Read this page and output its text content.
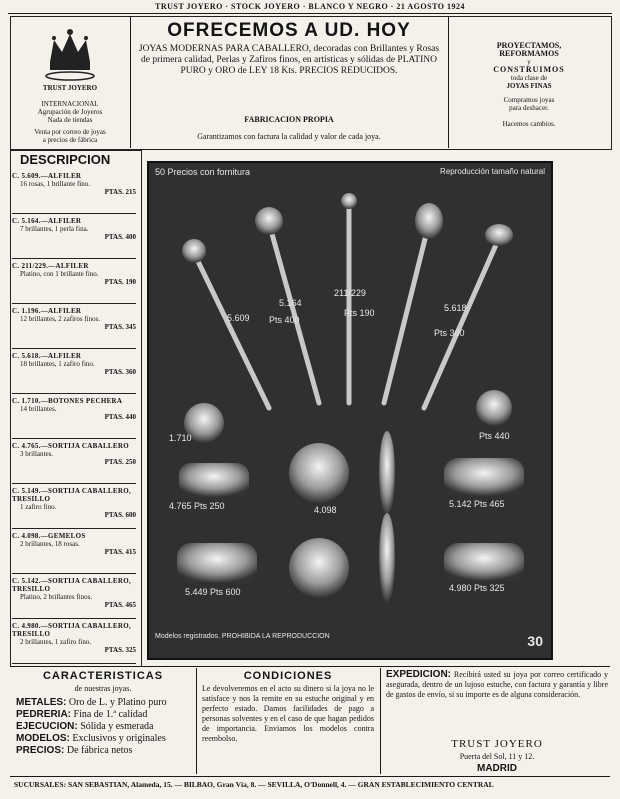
TRUST JOYERO · STOCK JOYERO · BLANCO Y NEGRO · 21 AGOSTO 1924
TRUST JOYERO
INTERNACIONAL
Agrupación de Joyeros
Nada de tiendas
Venta por correo de joyas
a precios de fábrica
OFRECEMOS A UD. HOY
JOYAS MODERNAS PARA CABALLERO, decoradas con Brillantes y Rosas de primera calidad, Perlas y Zafiros finos, en artísticas y sólidas de PLATINO PURO y ORO de LEY 18 Kts. PRECIOS REDUCIDOS.
FABRICACION PROPIA
Garantizamos con factura la calidad y valor de cada joya.
PROYECTAMOS,
REFORMAMOS
y
CONSTRUIMOS
toda clase de
JOYAS FINAS
Compramos joyas
para deshacer.
Hacemos cambios.
DESCRIPCION
C. 5.609.—ALFILER
16 rosas, 1 brillante fino.
PTAS. 215
C. 5.164.—ALFILER
7 brillantes, 1 perla fina.
PTAS. 400
C. 211/229.—ALFILER
Platino, con 1 brillante fino.
PTAS. 190
C. 1.196.—ALFILER
12 brillantes, 2 zafiros finos.
PTAS. 345
C. 5.618.—ALFILER
18 brillantes, 1 zafiro fino.
PTAS. 360
C. 1.710.—BOTONES PECHERA
14 brillantes.
PTAS. 440
C. 4.765.—SORTIJA CABALLERO
3 brillantes.
PTAS. 250
C. 5.149.—SORTIJA CABALLERO, TRESILLO
1 zafiro fino.
PTAS. 600
C. 4.098.—GEMELOS
2 brillantes, 18 rosas.
PTAS. 415
C. 5.142.—SORTIJA CABALLERO, TRESILLO
Platino, 2 brillantes finos.
PTAS. 465
C. 4.980.—SORTIJA CABALLERO, TRESILLO
2 brillantes, 1 zafiro fino.
PTAS. 325
50 Precios con fornitura	Reproducción tamaño natural
5.609
5.164
211/229
Pts 190
Pts 400
5.618
Pts 360
1.710	Pts 440
4.765 Pts 250	4.098
5.142 Pts 465
5.449 Pts 600	4.980 Pts 325
Modelos registrados. PROHIBIDA LA REPRODUCCION	30
CARACTERISTICAS
de nuestras joyas.
METALES: Oro de L. y Platino puro
PEDRERIA: Fina de 1.ª calidad
EJECUCION: Sólida y esmerada
MODELOS: Exclusivos y originales
PRECIOS: De fábrica netos
CONDICIONES
Le devolveremos en el acto su dinero si la joya no le satisface y nos la remite en su estuche original y en perfecto estado. Damos facilidades de pago a personas solventes y en el caso de que hagan pedidos de importancia. Enviamos los modelos contra reembolso.
EXPEDICION: Recibirá usted su joya por correo certificado y asegurada, dentro de un lujoso estuche, con factura y garantía y libre de gastos de envío, si su importe es de alguna consideración.
TRUST JOYERO
Puerta del Sol, 11 y 12.
MADRID
SUCURSALES: SAN SEBASTIAN, Alameda, 15. — BILBAO, Gran Vía, 8. — SEVILLA, O'Donnell, 4. — GRAN ESTABLECIMIENTO CENTRAL
